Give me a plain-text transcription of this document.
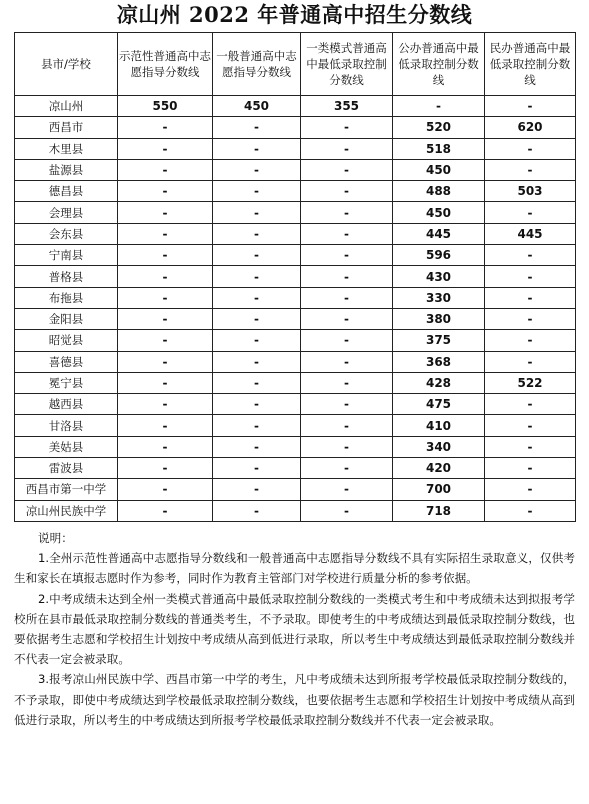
凉山州 2022 年普通高中招生分数线
县市/学校	示范性普通高中志愿指导分数线	一般普通高中志愿指导分数线	一类模式普通高中最低录取控制分数线	公办普通高中最低录取控制分数线	民办普通高中最低录取控制分数线
凉山州	550	450	355	-	-
西昌市	-	-	-	520	620
木里县	-	-	-	518	-
盐源县	-	-	-	450	-
德昌县	-	-	-	488	503
会理县	-	-	-	450	-
会东县	-	-	-	445	445
宁南县	-	-	-	596	-
普格县	-	-	-	430	-
布拖县	-	-	-	330	-
金阳县	-	-	-	380	-
昭觉县	-	-	-	375	-
喜德县	-	-	-	368	-
冕宁县	-	-	-	428	522
越西县	-	-	-	475	-
甘洛县	-	-	-	410	-
美姑县	-	-	-	340	-
雷波县	-	-	-	420	-
西昌市第一中学	-	-	-	700	-
凉山州民族中学	-	-	-	718	-
说明：

1.全州示范性普通高中志愿指导分数线和一般普通高中志愿指导分数线不具有实际招生录取意义，仅供考生和家长在填报志愿时作为参考，同时作为教育主管部门对学校进行质量分析的参考依据。

2.中考成绩未达到全州一类模式普通高中最低录取控制分数线的一类模式考生和中考成绩未达到拟报考学校所在县市最低录取控制分数线的普通类考生，不予录取。即使考生的中考成绩达到最低录取控制分数线，也要依据考生志愿和学校招生计划按中考成绩从高到低进行录取，所以考生中考成绩达到最低录取控制分数线并不代表一定会被录取。

3.报考凉山州民族中学、西昌市第一中学的考生，凡中考成绩未达到所报考学校最低录取控制分数线的，不予录取，即使中考成绩达到学校最低录取控制分数线，也要依据考生志愿和学校招生计划按中考成绩从高到低进行录取，所以考生的中考成绩达到所报考学校最低录取控制分数线并不代表一定会被录取。
